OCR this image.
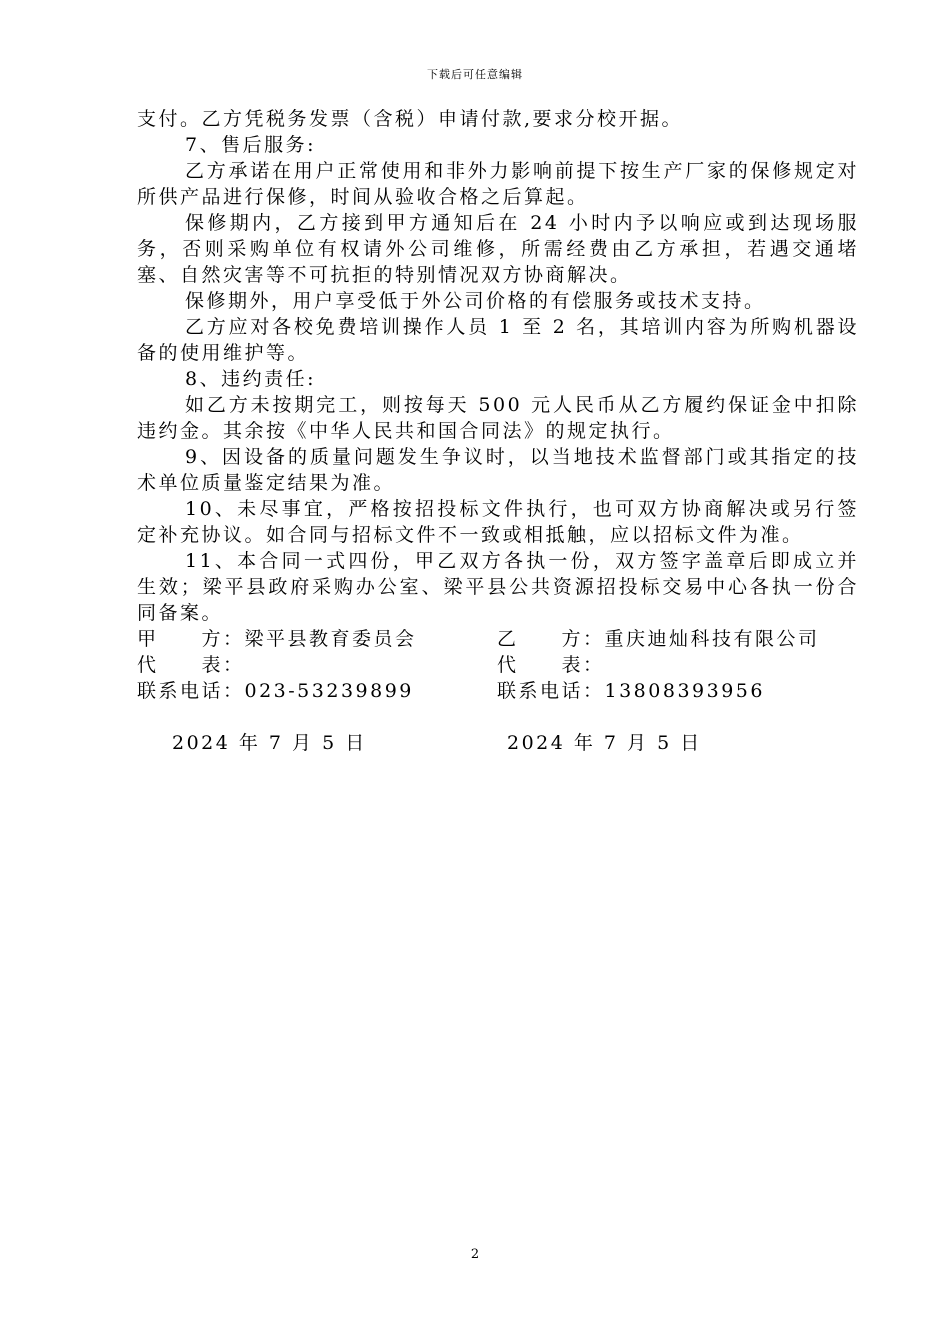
下载后可任意编辑

支付。乙方凭税务发票（含税）申请付款,要求分校开据。

7、售后服务:

乙方承诺在用户正常使用和非外力影响前提下按生产厂家的保修规定对所供产品进行保修，时间从验收合格之后算起。

保修期内，乙方接到甲方通知后在 24 小时内予以响应或到达现场服务，否则采购单位有权请外公司维修，所需经费由乙方承担，若遇交通堵塞、自然灾害等不可抗拒的特别情况双方协商解决。

保修期外，用户享受低于外公司价格的有偿服务或技术支持。

乙方应对各校免费培训操作人员 1 至 2 名，其培训内容为所购机器设备的使用维护等。

8、违约责任:

如乙方未按期完工，则按每天 500 元人民币从乙方履约保证金中扣除违约金。其余按《中华人民共和国合同法》的规定执行。

9、因设备的质量问题发生争议时，以当地技术监督部门或其指定的技术单位质量鉴定结果为准。

10、未尽事宜，严格按招投标文件执行，也可双方协商解决或另行签定补充协议。如合同与招标文件不一致或相抵触，应以招标文件为准。

11、本合同一式四份，甲乙双方各执一份，双方签字盖章后即成立并生效；梁平县政府采购办公室、梁平县公共资源招投标交易中心各执一份合同备案。

甲　　方：梁平县教育委员会	乙　　方：重庆迪灿科技有限公司
代　　表：	代　　表：
联系电话：023-53239899	联系电话：13808393956
2024 年 7 月 5 日	2024 年 7 月 5 日
2
